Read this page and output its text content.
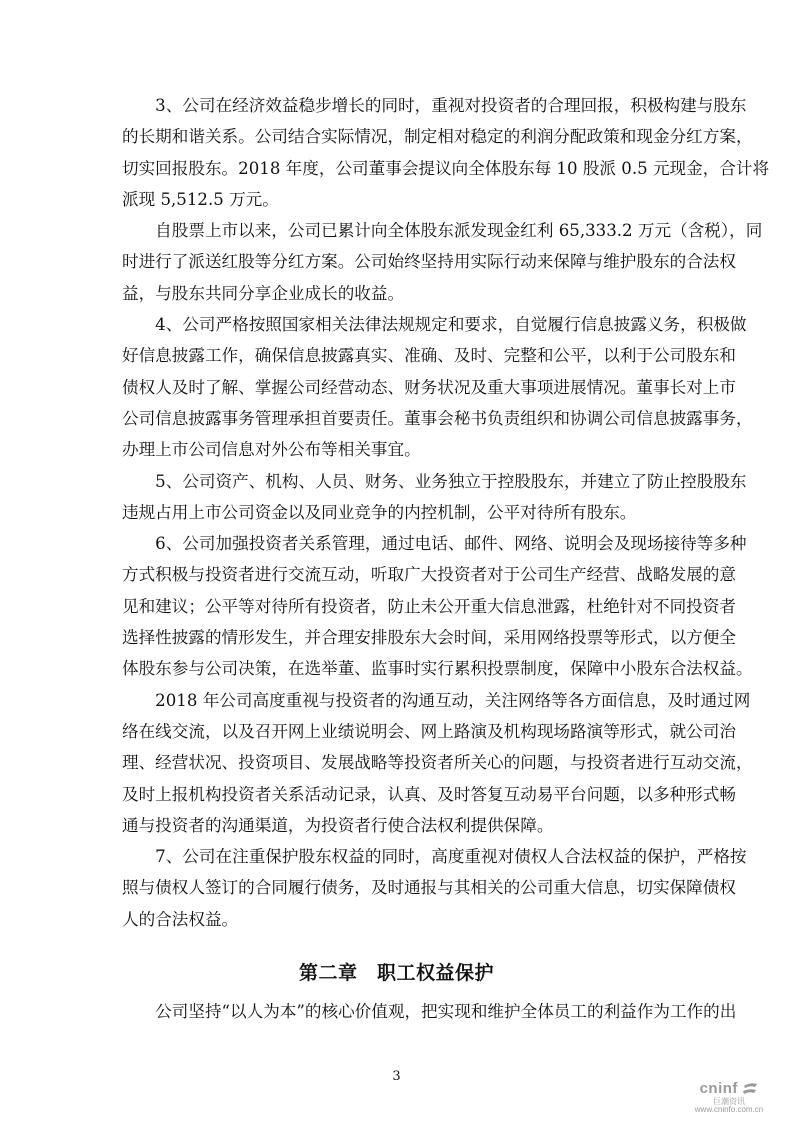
　　3、公司在经济效益稳步增长的同时，重视对投资者的合理回报，积极构建与股东
的长期和谐关系。公司结合实际情况，制定相对稳定的利润分配政策和现金分红方案，
切实回报股东。2018 年度，公司董事会提议向全体股东每 10 股派 0.5 元现金，合计将
派现 5,512.5 万元。
　　自股票上市以来，公司已累计向全体股东派发现金红利 65,333.2 万元（含税），同
时进行了派送红股等分红方案。公司始终坚持用实际行动来保障与维护股东的合法权
益，与股东共同分享企业成长的收益。
　　4、公司严格按照国家相关法律法规规定和要求，自觉履行信息披露义务，积极做
好信息披露工作，确保信息披露真实、准确、及时、完整和公平，以利于公司股东和
债权人及时了解、掌握公司经营动态、财务状况及重大事项进展情况。董事长对上市
公司信息披露事务管理承担首要责任。董事会秘书负责组织和协调公司信息披露事务，
办理上市公司信息对外公布等相关事宜。
　　5、公司资产、机构、人员、财务、业务独立于控股股东，并建立了防止控股股东
违规占用上市公司资金以及同业竞争的内控机制，公平对待所有股东。
　　6、公司加强投资者关系管理，通过电话、邮件、网络、说明会及现场接待等多种
方式积极与投资者进行交流互动，听取广大投资者对于公司生产经营、战略发展的意
见和建议；公平等对待所有投资者，防止未公开重大信息泄露，杜绝针对不同投资者
选择性披露的情形发生，并合理安排股东大会时间，采用网络投票等形式，以方便全
体股东参与公司决策，在选举董、监事时实行累积投票制度，保障中小股东合法权益。
　　2018 年公司高度重视与投资者的沟通互动，关注网络等各方面信息，及时通过网
络在线交流，以及召开网上业绩说明会、网上路演及机构现场路演等形式，就公司治
理、经营状况、投资项目、发展战略等投资者所关心的问题，与投资者进行互动交流，
及时上报机构投资者关系活动记录，认真、及时答复互动易平台问题，以多种形式畅
通与投资者的沟通渠道，为投资者行使合法权利提供保障。
　　7、公司在注重保护股东权益的同时，高度重视对债权人合法权益的保护，严格按
照与债权人签订的合同履行债务，及时通报与其相关的公司重大信息，切实保障债权
人的合法权益。
第二章　职工权益保护
　　公司坚持“以人为本”的核心价值观，把实现和维护全体员工的利益作为工作的出
3
cninf
巨潮资讯
www.cninfo.com.cn
